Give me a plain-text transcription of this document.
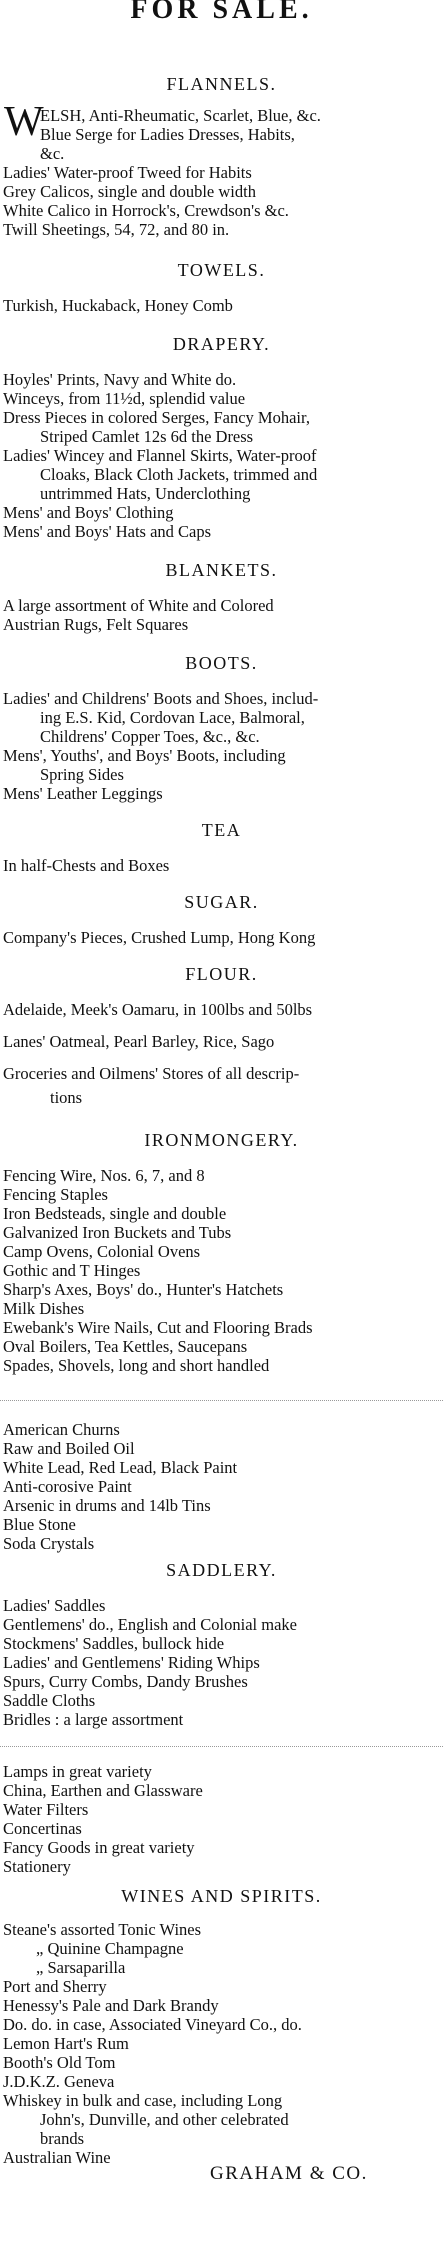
FOR SALE.
FLANNELS.
W
ELSH, Anti-Rheumatic, Scarlet, Blue, &c.
Blue Serge for Ladies Dresses, Habits,
&c.
Ladies' Water-proof Tweed for Habits
Grey Calicos, single and double width
White Calico in Horrock's, Crewdson's &c.
Twill Sheetings, 54, 72, and 80 in.
TOWELS.
Turkish, Huckaback, Honey Comb
DRAPERY.
Hoyles' Prints, Navy and White do.
Winceys, from 11½d, splendid value
Dress Pieces in colored Serges, Fancy Mohair,
Striped Camlet 12s 6d the Dress
Ladies' Wincey and Flannel Skirts, Water-proof
Cloaks, Black Cloth Jackets, trimmed and
untrimmed Hats, Underclothing
Mens' and Boys' Clothing
Mens' and Boys' Hats and Caps
BLANKETS.
A large assortment of White and Colored
Austrian Rugs, Felt Squares
BOOTS.
Ladies' and Childrens' Boots and Shoes, includ-
ing E.S. Kid, Cordovan Lace, Balmoral,
Childrens' Copper Toes, &c., &c.
Mens', Youths', and Boys' Boots, including
Spring Sides
Mens' Leather Leggings
TEA
In half-Chests and Boxes
SUGAR.
Company's Pieces, Crushed Lump, Hong Kong
FLOUR.
Adelaide, Meek's Oamaru, in 100lbs and 50lbs
Lanes' Oatmeal, Pearl Barley, Rice, Sago
Groceries and Oilmens' Stores of all descrip-
tions
IRONMONGERY.
Fencing Wire, Nos. 6, 7, and 8
Fencing Staples
Iron Bedsteads, single and double
Galvanized Iron Buckets and Tubs
Camp Ovens, Colonial Ovens
Gothic and T Hinges
Sharp's Axes, Boys' do., Hunter's Hatchets
Milk Dishes
Ewebank's Wire Nails, Cut and Flooring Brads
Oval Boilers, Tea Kettles, Saucepans
Spades, Shovels, long and short handled
American Churns
Raw and Boiled Oil
White Lead, Red Lead, Black Paint
Anti-corosive Paint
Arsenic in drums and 14lb Tins
Blue Stone
Soda Crystals
SADDLERY.
Ladies' Saddles
Gentlemens' do., English and Colonial make
Stockmens' Saddles, bullock hide
Ladies' and Gentlemens' Riding Whips
Spurs, Curry Combs, Dandy Brushes
Saddle Cloths
Bridles : a large assortment
Lamps in great variety
China, Earthen and Glassware
Water Filters
Concertinas
Fancy Goods in great variety
Stationery
WINES AND SPIRITS.
Steane's assorted Tonic Wines
„ Quinine Champagne
„ Sarsaparilla
Port and Sherry
Henessy's Pale and Dark Brandy
Do. do. in case, Associated Vineyard Co., do.
Lemon Hart's Rum
Booth's Old Tom
J.D.K.Z. Geneva
Whiskey in bulk and case, including Long
John's, Dunville, and other celebrated
brands
Australian Wine
GRAHAM & CO.
